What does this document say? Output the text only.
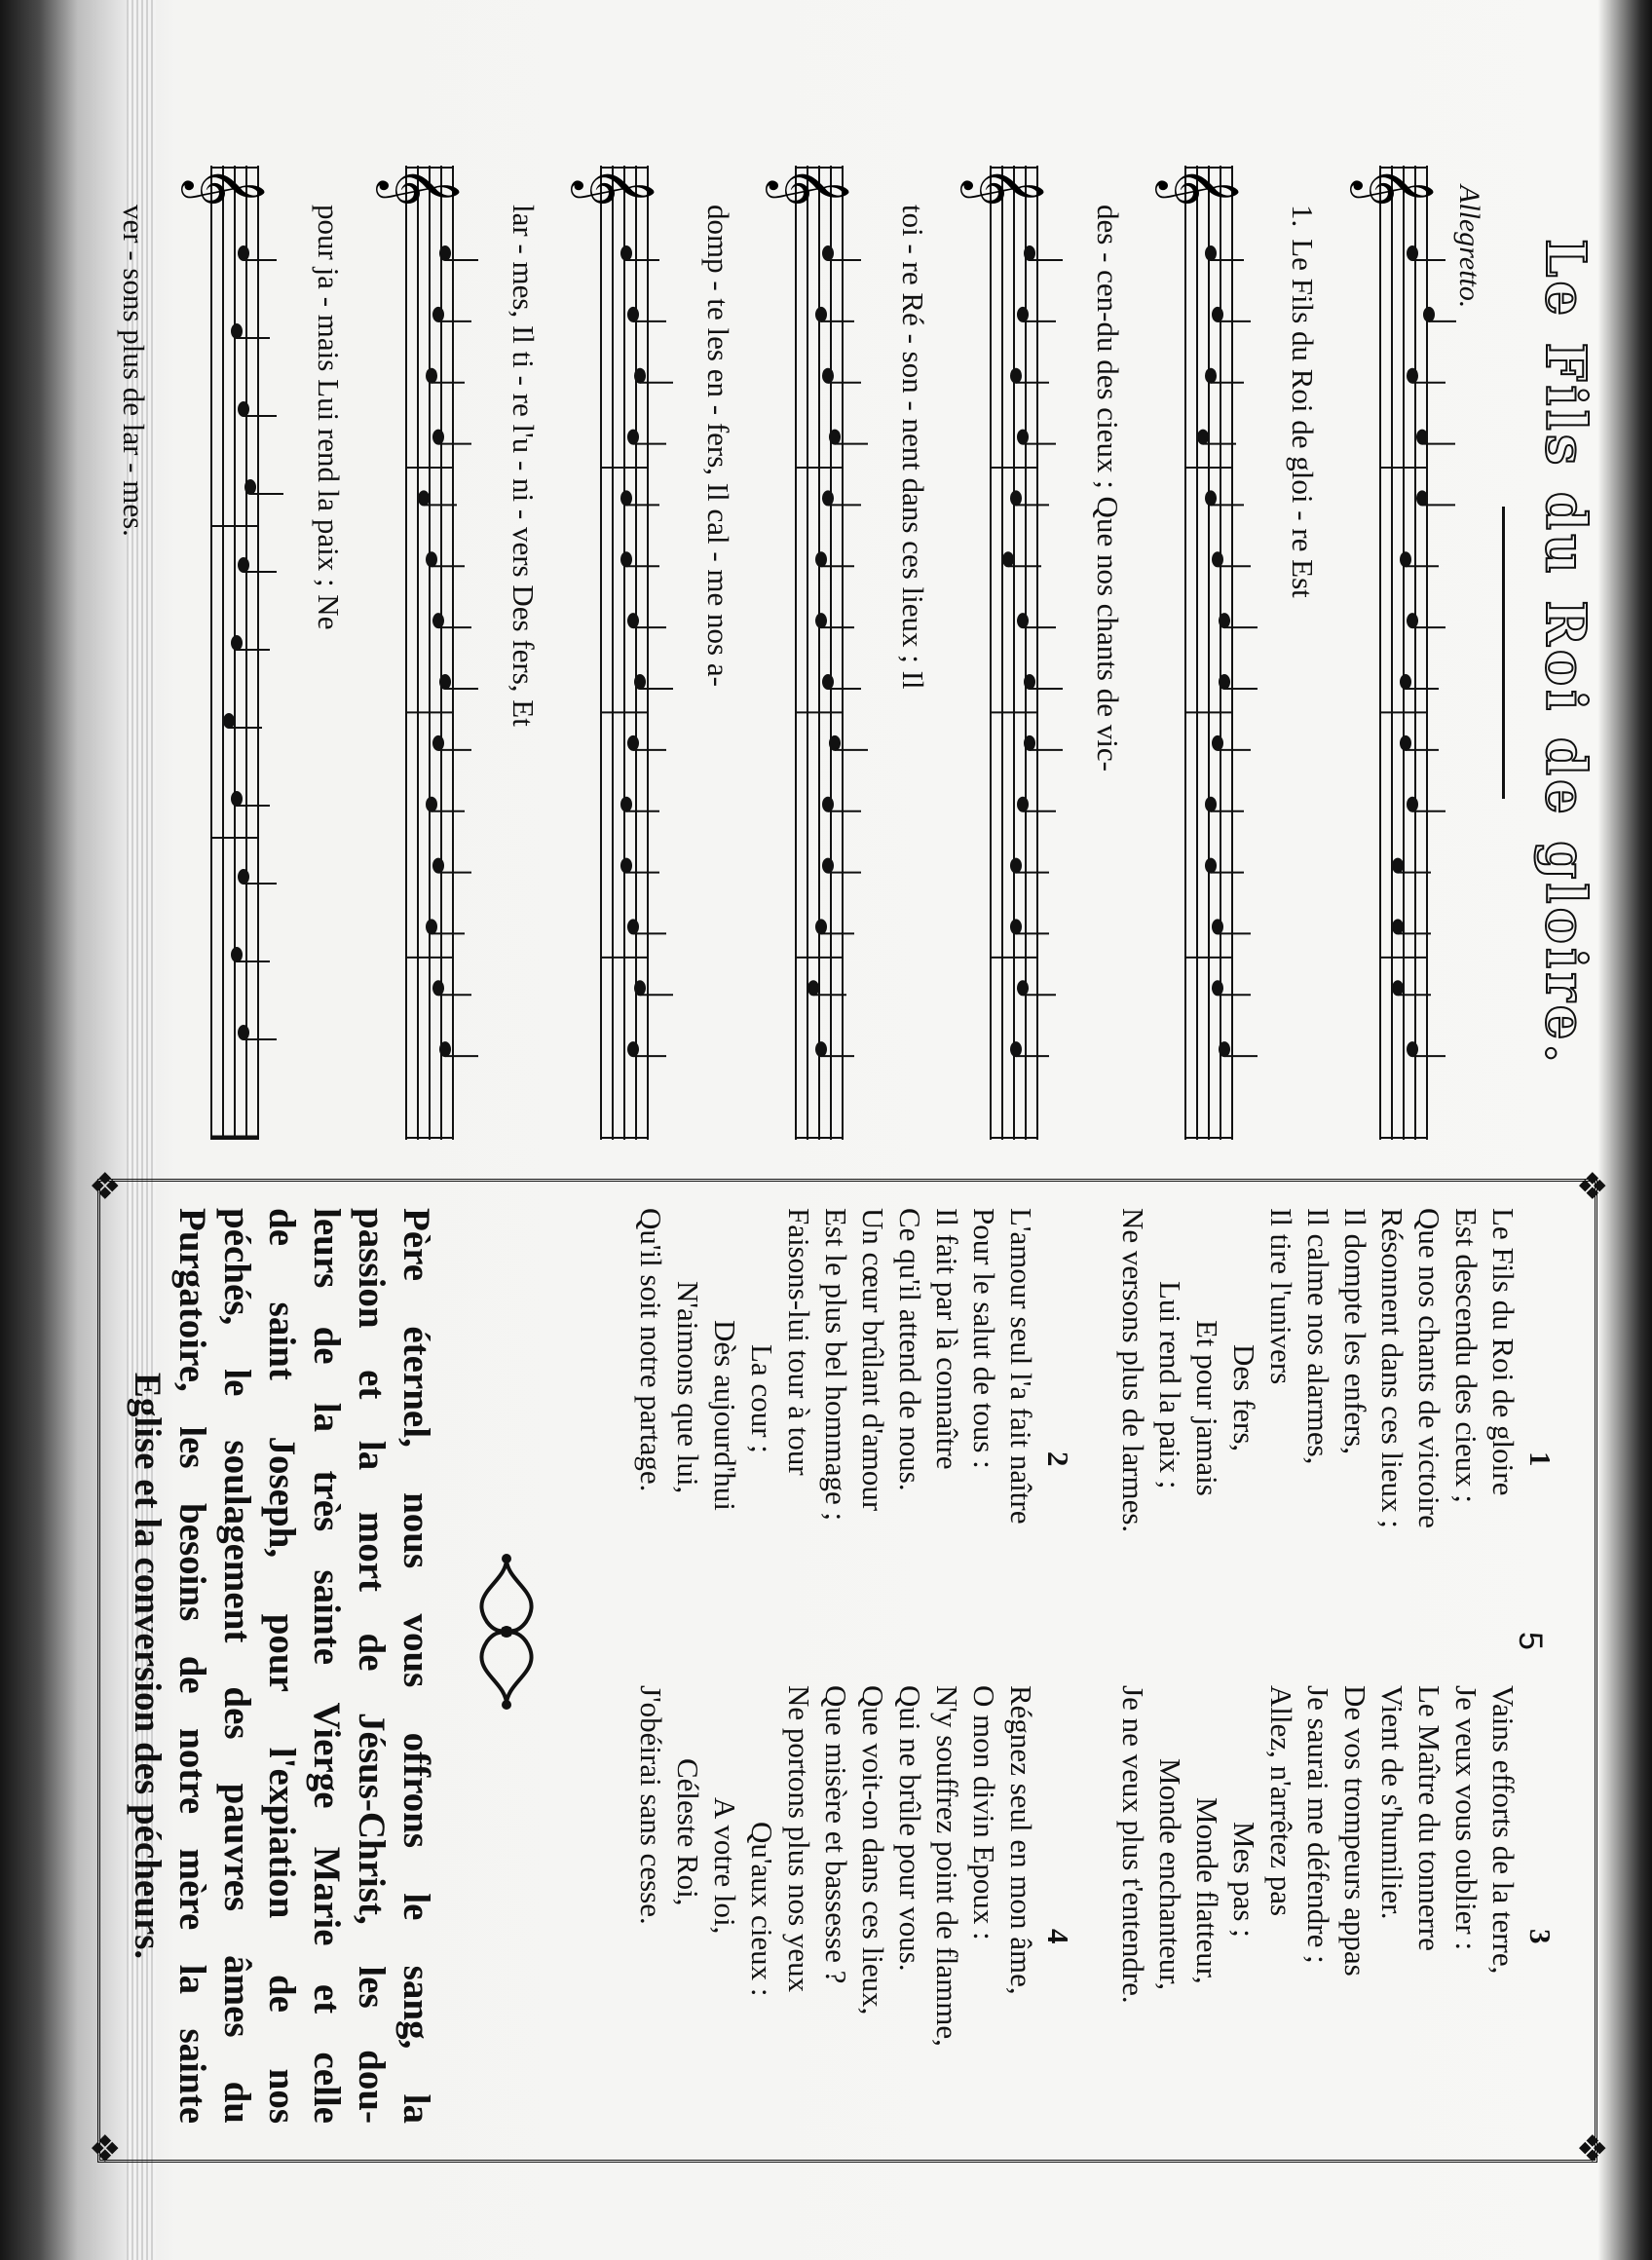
Le Fils du Roi de gloire.
Allegretto.
𝄞
1.Le Fils du Roi de gloi - re Est
𝄞
des - cen-du des cieux ; Que nos chants de vic-
𝄞
toi - re Ré - son - nent dans ces lieux ; Il
𝄞
domp - te les en - fers, Il cal - me nos a-
𝄞
lar - mes, Il ti - re l'u - ni - vers Des fers, Et
𝄞
pour ja - mais Lui rend la paix ; Ne
𝄞
ver - sons plus de lar - mes.
❖
❖
❖
❖
5
1
Le Fils du Roi de gloire
Est descendu des cieux ;
Que nos chants de victoire
Résonnent dans ces lieux ;
Il dompte les enfers,
Il calme nos alarmes,
Il tire l'univers
Des fers,
Et pour jamais
Lui rend la paix ;
Ne versons plus de larmes.
3
Vains efforts de la terre,
Je veux vous oublier :
Le Maître du tonnerre
Vient de s'humilier.
De vos trompeurs appas
Je saurai me défendre ;
Allez, n'arrêtez pas
Mes pas ;
Monde flatteur,
Monde enchanteur,
Je ne veux plus t'entendre.
2
L'amour seul l'a fait naître
Pour le salut de tous :
Il fait par là connaître
Ce qu'il attend de nous.
Un cœur brûlant d'amour
Est le plus bel hommage ;
Faisons-lui tour à tour
La cour ;
Dès aujourd'hui
N'aimons que lui,
Qu'il soit notre partage.
4
Régnez seul en mon âme,
O mon divin Epoux :
N'y souffrez point de flamme,
Qui ne brûle pour vous.
Que voit-on dans ces lieux,
Que misère et bassesse ?
Ne portons plus nos yeux
Qu'aux cieux :
A votre loi,
Céleste Roi,
J'obéirai sans cesse.
Père éternel, nous vous offrons le sang, la
passion et la mort de Jésus-Christ, les dou-
leurs de la très sainte Vierge Marie et celle
de saint Joseph, pour l'expiation de nos
péchés, le soulagement des pauvres âmes du
Purgatoire, les besoins de notre mère la sainte
Eglise et la conversion des pécheurs.
